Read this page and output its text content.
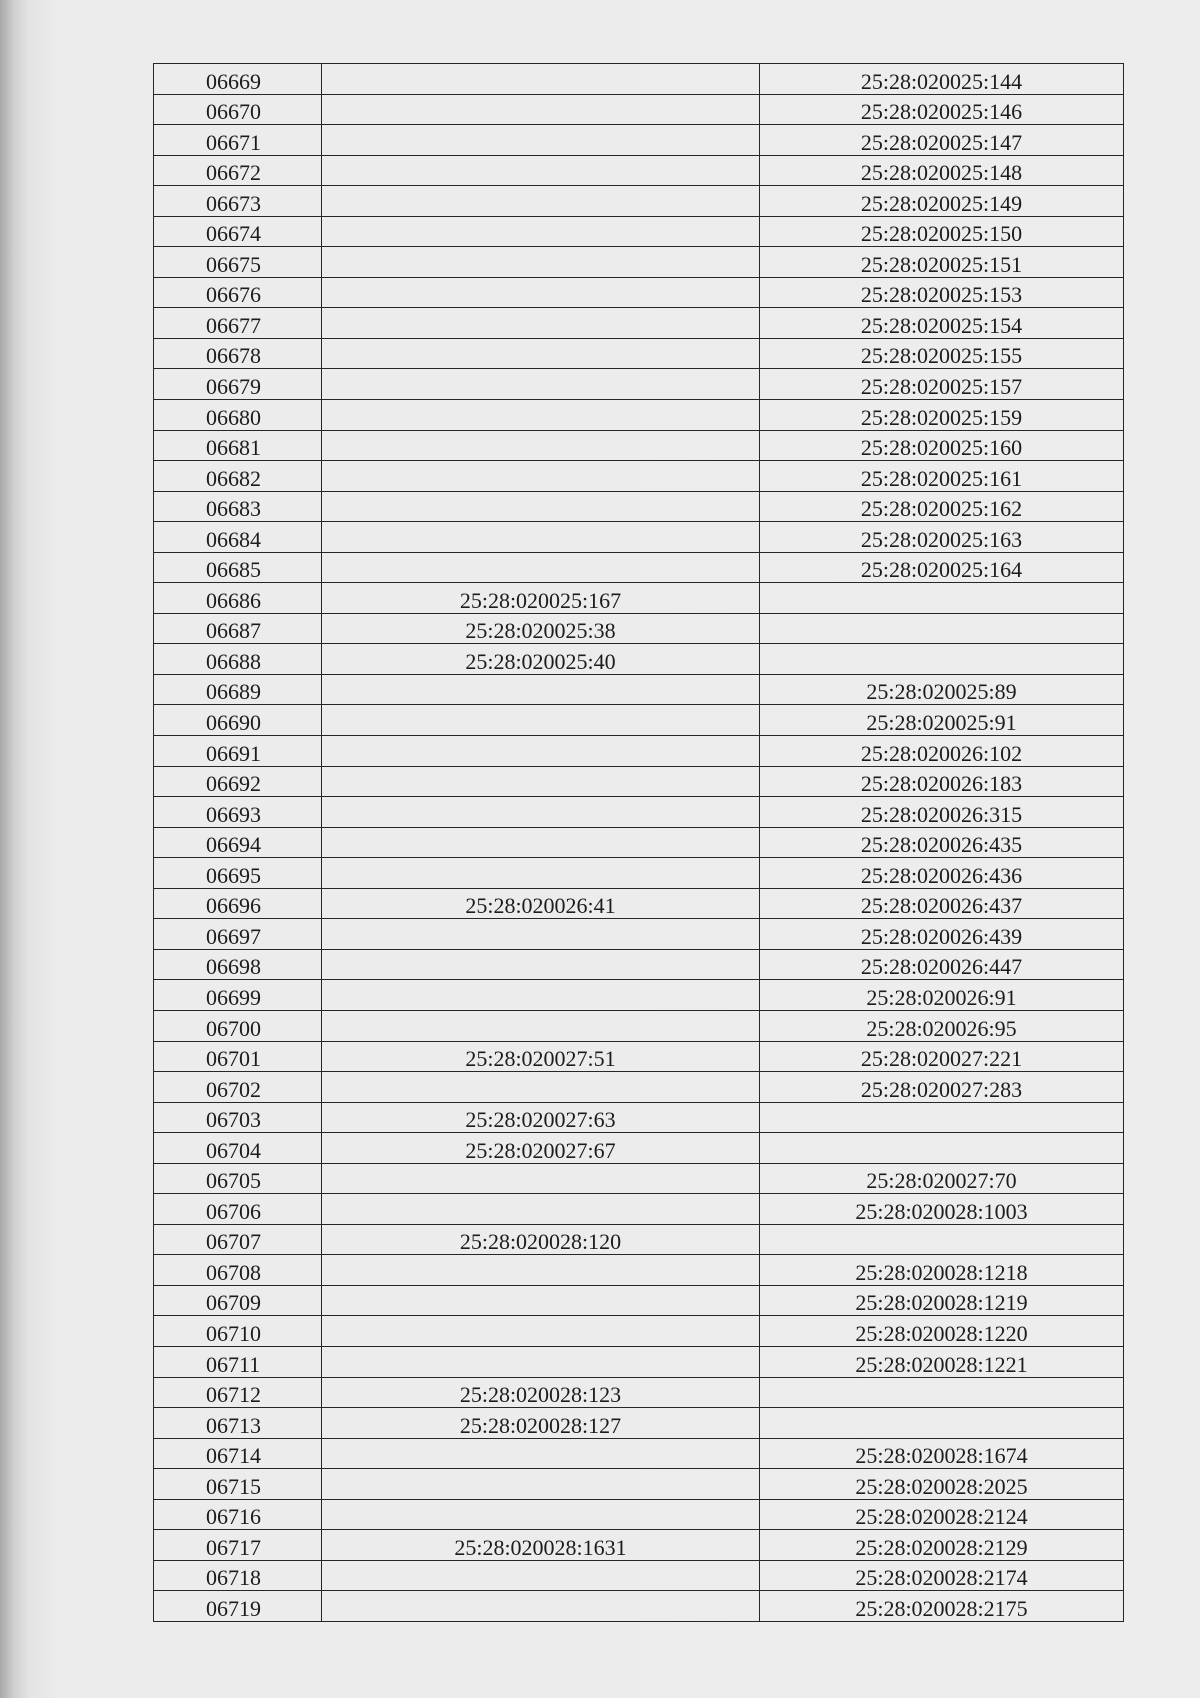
06669		25:28:020025:144
06670		25:28:020025:146
06671		25:28:020025:147
06672		25:28:020025:148
06673		25:28:020025:149
06674		25:28:020025:150
06675		25:28:020025:151
06676		25:28:020025:153
06677		25:28:020025:154
06678		25:28:020025:155
06679		25:28:020025:157
06680		25:28:020025:159
06681		25:28:020025:160
06682		25:28:020025:161
06683		25:28:020025:162
06684		25:28:020025:163
06685		25:28:020025:164
06686	25:28:020025:167	
06687	25:28:020025:38	
06688	25:28:020025:40	
06689		25:28:020025:89
06690		25:28:020025:91
06691		25:28:020026:102
06692		25:28:020026:183
06693		25:28:020026:315
06694		25:28:020026:435
06695		25:28:020026:436
06696	25:28:020026:41	25:28:020026:437
06697		25:28:020026:439
06698		25:28:020026:447
06699		25:28:020026:91
06700		25:28:020026:95
06701	25:28:020027:51	25:28:020027:221
06702		25:28:020027:283
06703	25:28:020027:63	
06704	25:28:020027:67	
06705		25:28:020027:70
06706		25:28:020028:1003
06707	25:28:020028:120	
06708		25:28:020028:1218
06709		25:28:020028:1219
06710		25:28:020028:1220
06711		25:28:020028:1221
06712	25:28:020028:123	
06713	25:28:020028:127	
06714		25:28:020028:1674
06715		25:28:020028:2025
06716		25:28:020028:2124
06717	25:28:020028:1631	25:28:020028:2129
06718		25:28:020028:2174
06719		25:28:020028:2175
